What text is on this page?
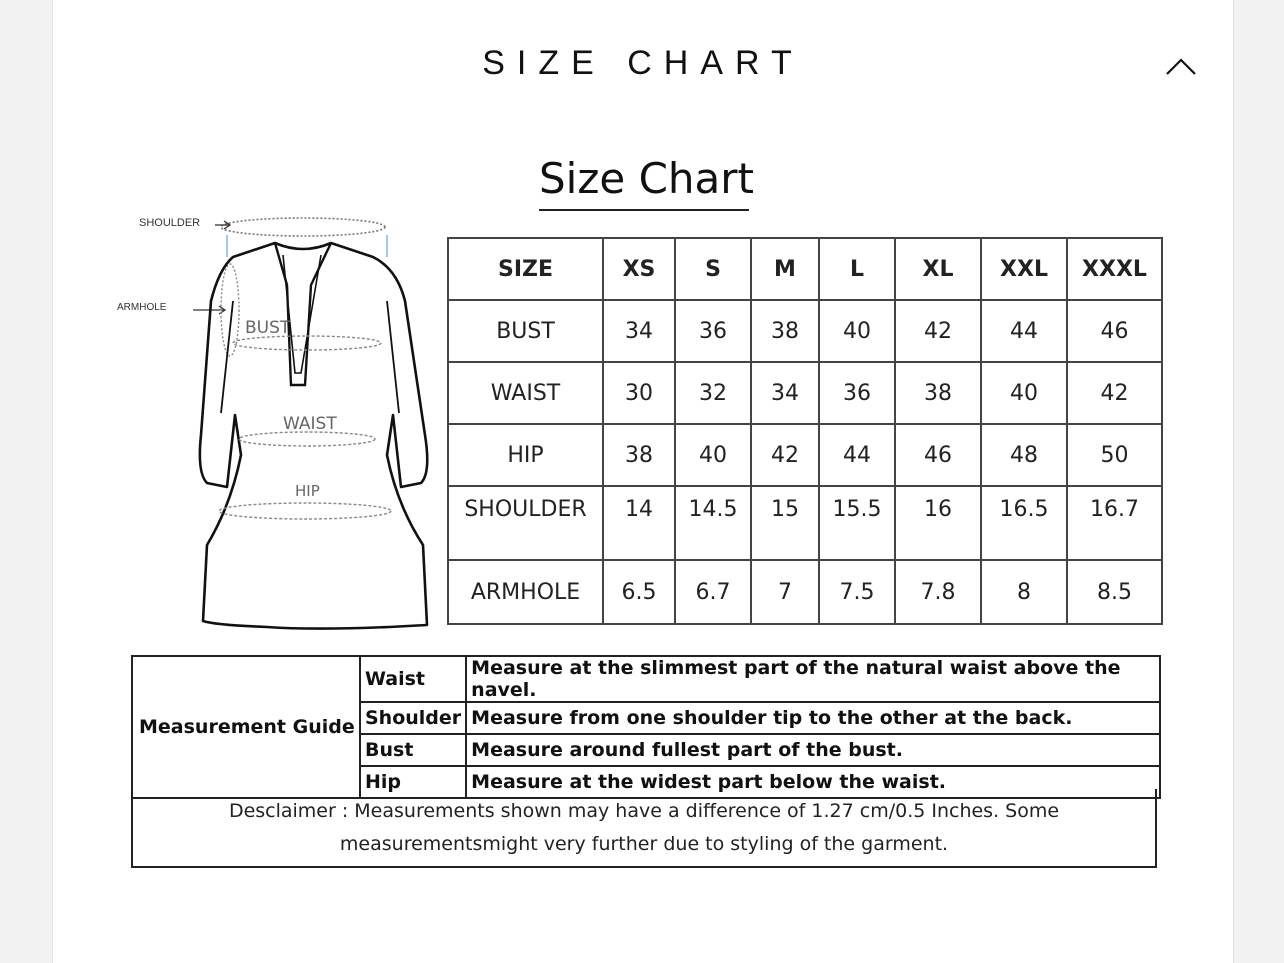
SIZE CHART
Size Chart
SHOULDER
ARMHOLE
BUST
WAIST
HIP
SIZE	XS	S	M	L	XL	XXL	XXXL
BUST	34	36	38	40	42	44	46
WAIST	30	32	34	36	38	40	42
HIP	38	40	42	44	46	48	50
SHOULDER	14	14.5	15	15.5	16	16.5	16.7
ARMHOLE	6.5	6.7	7	7.5	7.8	8	8.5
Measurement Guide	Waist	Measure at the slimmest part of the natural waist above the navel.
	Shoulder	Measure from one shoulder tip to the other at the back.
	Bust	Measure around fullest part of the bust.
	Hip	Measure at the widest part below the waist.
Desclaimer : Measurements shown may have a difference of 1.27 cm/0.5 Inches. Some
measurementsmight very further due to styling of the garment.
